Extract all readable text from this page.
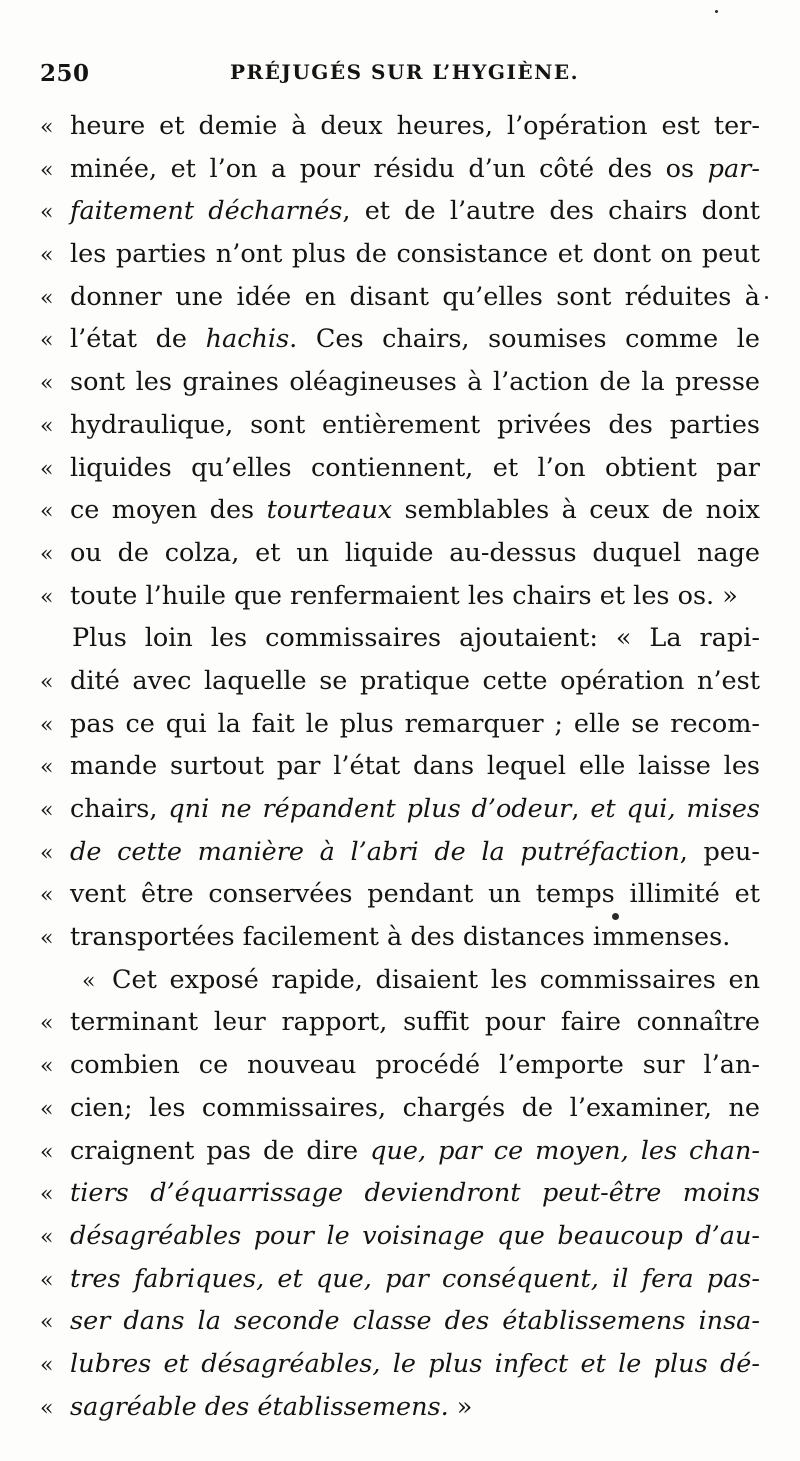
250	PRÉJUGÉS SUR L’HYGIÈNE.
« heure et demie à deux heures, l’opération est ter-
« minée, et l’on a pour résidu d’un côté des os par-
« faitement décharnés, et de l’autre des chairs dont
« les parties n’ont plus de consistance et dont on peut
« donner une idée en disant qu’elles sont réduites à
« l’état de hachis. Ces chairs, soumises comme le
« sont les graines oléagineuses à l’action de la presse
« hydraulique, sont entièrement privées des parties
« liquides qu’elles contiennent, et l’on obtient par
« ce moyen des tourteaux semblables à ceux de noix
« ou de colza, et un liquide au-dessus duquel nage
« toute l’huile que renfermaient les chairs et les os. »
Plus loin les commissaires ajoutaient: « La rapi-
« dité avec laquelle se pratique cette opération n’est
« pas ce qui la fait le plus remarquer ; elle se recom-
« mande surtout par l’état dans lequel elle laisse les
« chairs, qni ne répandent plus d’odeur, et qui, mises
« de cette manière à l’abri de la putréfaction, peu-
« vent être conservées pendant un temps illimité et
« transportées facilement à des distances immenses.
« Cet exposé rapide, disaient les commissaires en
« terminant leur rapport, suffit pour faire connaître
« combien ce nouveau procédé l’emporte sur l’an-
« cien; les commissaires, chargés de l’examiner, ne
« craignent pas de dire que, par ce moyen, les chan-
« tiers d’équarrissage deviendront peut-être moins
« désagréables pour le voisinage que beaucoup d’au-
« tres fabriques, et que, par conséquent, il fera pas-
« ser dans la seconde classe des établissemens insa-
« lubres et désagréables, le plus infect et le plus dé-
« sagréable des établissemens. »
